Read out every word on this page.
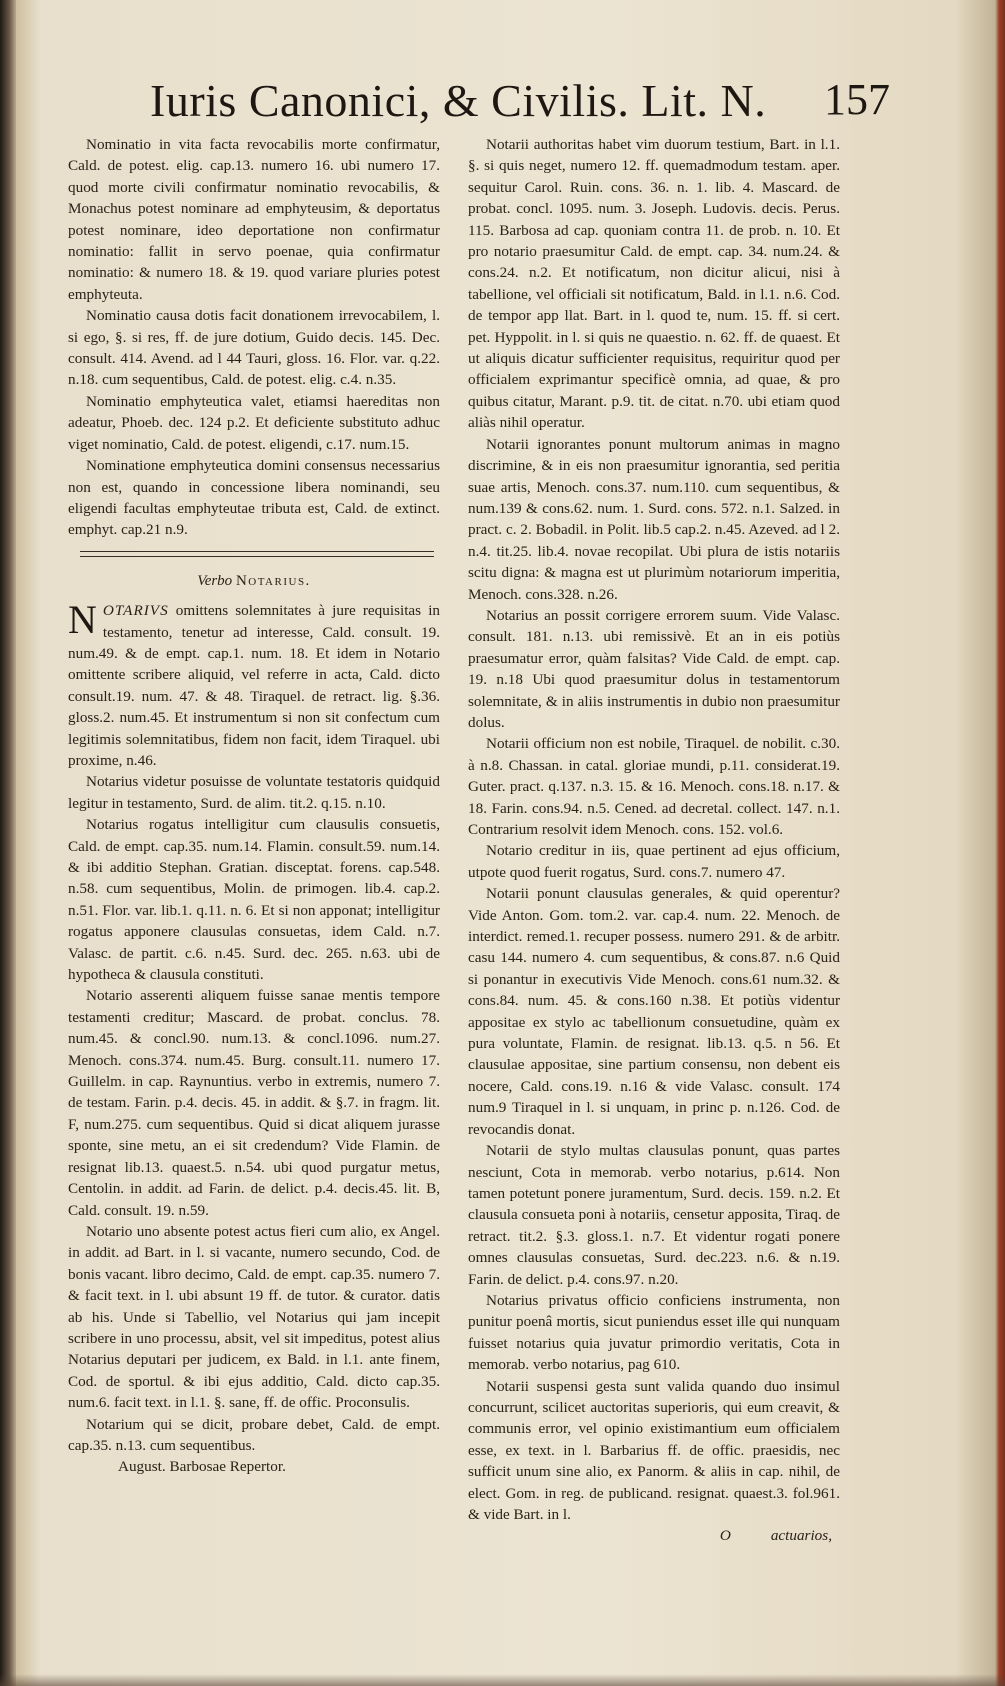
Iuris Canonici, & Civilis. Lit. N. 157

Nominatio in vita facta revocabilis morte confirmatur, Cald. de potest. elig. cap.13. numero 16. ubi numero 17. quod morte civili confirmatur nominatio revocabilis, & Monachus potest nominare ad emphyteusim, & deportatus potest nominare, ideo deportatione non confirmatur nominatio: fallit in servo poenae, quia confirmatur nominatio: & numero 18. & 19. quod variare pluries potest emphyteuta.

Nominatio causa dotis facit donationem irrevocabilem, l. si ego, §. si res, ff. de jure dotium, Guido decis. 145. Dec. consult. 414. Avend. ad l 44 Tauri, gloss. 16. Flor. var. q.22. n.18. cum sequentibus, Cald. de potest. elig. c.4. n.35.

Nominatio emphyteutica valet, etiamsi haereditas non adeatur, Phoeb. dec. 124 p.2. Et deficiente substituto adhuc viget nominatio, Cald. de potest. eligendi, c.17. num.15.

Nominatione emphyteutica domini consensus necessarius non est, quando in concessione libera nominandi, seu eligendi facultas emphyteutae tributa est, Cald. de extinct. emphyt. cap.21 n.9.

Verbo Notarius.

N OTARIVS omittens solemnitates à jure requisitas in testamento, tenetur ad interesse, Cald. consult. 19. num.49. & de empt. cap.1. num. 18. Et idem in Notario omittente scribere aliquid, vel referre in acta, Cald. dicto consult.19. num. 47. & 48. Tiraquel. de retract. lig. §.36. gloss.2. num.45. Et instrumentum si non sit confectum cum legitimis solemnitatibus, fidem non facit, idem Tiraquel. ubi proxime, n.46.

Notarius videtur posuisse de voluntate testatoris quidquid legitur in testamento, Surd. de alim. tit.2. q.15. n.10.

Notarius rogatus intelligitur cum clausulis consuetis, Cald. de empt. cap.35. num.14. Flamin. consult.59. num.14. & ibi additio Stephan. Gratian. disceptat. forens. cap.548. n.58. cum sequentibus, Molin. de primogen. lib.4. cap.2. n.51. Flor. var. lib.1. q.11. n. 6. Et si non apponat; intelligitur rogatus apponere clausulas consuetas, idem Cald. n.7. Valasc. de partit. c.6. n.45. Surd. dec. 265. n.63. ubi de hypotheca & clausula constituti.

Notario asserenti aliquem fuisse sanae mentis tempore testamenti creditur; Mascard. de probat. conclus. 78. num.45. & concl.90. num.13. & concl.1096. num.27. Menoch. cons.374. num.45. Burg. consult.11. numero 17. Guillelm. in cap. Raynuntius. verbo in extremis, numero 7. de testam. Farin. p.4. decis. 45. in addit. & §.7. in fragm. lit. F, num.275. cum sequentibus. Quid si dicat aliquem jurasse sponte, sine metu, an ei sit credendum? Vide Flamin. de resignat lib.13. quaest.5. n.54. ubi quod purgatur metus, Centolin. in addit. ad Farin. de delict. p.4. decis.45. lit. B, Cald. consult. 19. n.59.

Notario uno absente potest actus fieri cum alio, ex Angel. in addit. ad Bart. in l. si vacante, numero secundo, Cod. de bonis vacant. libro decimo, Cald. de empt. cap.35. numero 7. & facit text. in l. ubi absunt 19 ff. de tutor. & curator. datis ab his. Unde si Tabellio, vel Notarius qui jam incepit scribere in uno processu, absit, vel sit impeditus, potest alius Notarius deputari per judicem, ex Bald. in l.1. ante finem, Cod. de sportul. & ibi ejus additio, Cald. dicto cap.35. num.6. facit text. in l.1. §. sane, ff. de offic. Proconsulis.

Notarium qui se dicit, probare debet, Cald. de empt. cap.35. n.13. cum sequentibus.

August. Barbosae Repertor.

Notarii authoritas habet vim duorum testium, Bart. in l.1. §. si quis neget, numero 12. ff. quemadmodum testam. aper. sequitur Carol. Ruin. cons. 36. n. 1. lib. 4. Mascard. de probat. concl. 1095. num. 3. Joseph. Ludovis. decis. Perus. 115. Barbosa ad cap. quoniam contra 11. de prob. n. 10. Et pro notario praesumitur Cald. de empt. cap. 34. num.24. & cons.24. n.2. Et notificatum, non dicitur alicui, nisi à tabellione, vel officiali sit notificatum, Bald. in l.1. n.6. Cod. de tempor app llat. Bart. in l. quod te, num. 15. ff. si cert. pet. Hyppolit. in l. si quis ne quaestio. n. 62. ff. de quaest. Et ut aliquis dicatur sufficienter requisitus, requiritur quod per officialem exprimantur specificè omnia, ad quae, & pro quibus citatur, Marant. p.9. tit. de citat. n.70. ubi etiam quod aliàs nihil operatur.

Notarii ignorantes ponunt multorum animas in magno discrimine, & in eis non praesumitur ignorantia, sed peritia suae artis, Menoch. cons.37. num.110. cum sequentibus, & num.139 & cons.62. num. 1. Surd. cons. 572. n.1. Salzed. in pract. c. 2. Bobadil. in Polit. lib.5 cap.2. n.45. Azeved. ad l 2. n.4. tit.25. lib.4. novae recopilat. Ubi plura de istis notariis scitu digna: & magna est ut plurimùm notariorum imperitia, Menoch. cons.328. n.26.

Notarius an possit corrigere errorem suum. Vide Valasc. consult. 181. n.13. ubi remissivè. Et an in eis potiùs praesumatur error, quàm falsitas? Vide Cald. de empt. cap. 19. n.18 Ubi quod praesumitur dolus in testamentorum solemnitate, & in aliis instrumentis in dubio non praesumitur dolus.

Notarii officium non est nobile, Tiraquel. de nobilit. c.30. à n.8. Chassan. in catal. gloriae mundi, p.11. considerat.19. Guter. pract. q.137. n.3. 15. & 16. Menoch. cons.18. n.17. & 18. Farin. cons.94. n.5. Cened. ad decretal. collect. 147. n.1. Contrarium resolvit idem Menoch. cons. 152. vol.6.

Notario creditur in iis, quae pertinent ad ejus officium, utpote quod fuerit rogatus, Surd. cons.7. numero 47.

Notarii ponunt clausulas generales, & quid operentur? Vide Anton. Gom. tom.2. var. cap.4. num. 22. Menoch. de interdict. remed.1. recuper possess. numero 291. & de arbitr. casu 144. numero 4. cum sequentibus, & cons.87. n.6 Quid si ponantur in executivis Vide Menoch. cons.61 num.32. & cons.84. num. 45. & cons.160 n.38. Et potiùs videntur appositae ex stylo ac tabellionum consuetudine, quàm ex pura voluntate, Flamin. de resignat. lib.13. q.5. n 56. Et clausulae appositae, sine partium consensu, non debent eis nocere, Cald. cons.19. n.16 & vide Valasc. consult. 174 num.9 Tiraquel in l. si unquam, in princ p. n.126. Cod. de revocandis donat.

Notarii de stylo multas clausulas ponunt, quas partes nesciunt, Cota in memorab. verbo notarius, p.614. Non tamen potetunt ponere juramentum, Surd. decis. 159. n.2. Et clausula consueta poni à notariis, censetur apposita, Tiraq. de retract. tit.2. §.3. gloss.1. n.7. Et videntur rogati ponere omnes clausulas consuetas, Surd. dec.223. n.6. & n.19. Farin. de delict. p.4. cons.97. n.20.

Notarius privatus officio conficiens instrumenta, non punitur poenâ mortis, sicut puniendus esset ille qui nunquam fuisset notarius quia juvatur primordio veritatis, Cota in memorab. verbo notarius, pag 610.

Notarii suspensi gesta sunt valida quando duo insimul concurrunt, scilicet auctoritas superioris, qui eum creavit, & communis error, vel opinio existimantium eum officialem esse, ex text. in l. Barbarius ff. de offic. praesidis, nec sufficit unum sine alio, ex Panorm. & aliis in cap. nihil, de elect. Gom. in reg. de publicand. resignat. quaest.3. fol.961. & vide Bart. in l.

O	actuarios,
